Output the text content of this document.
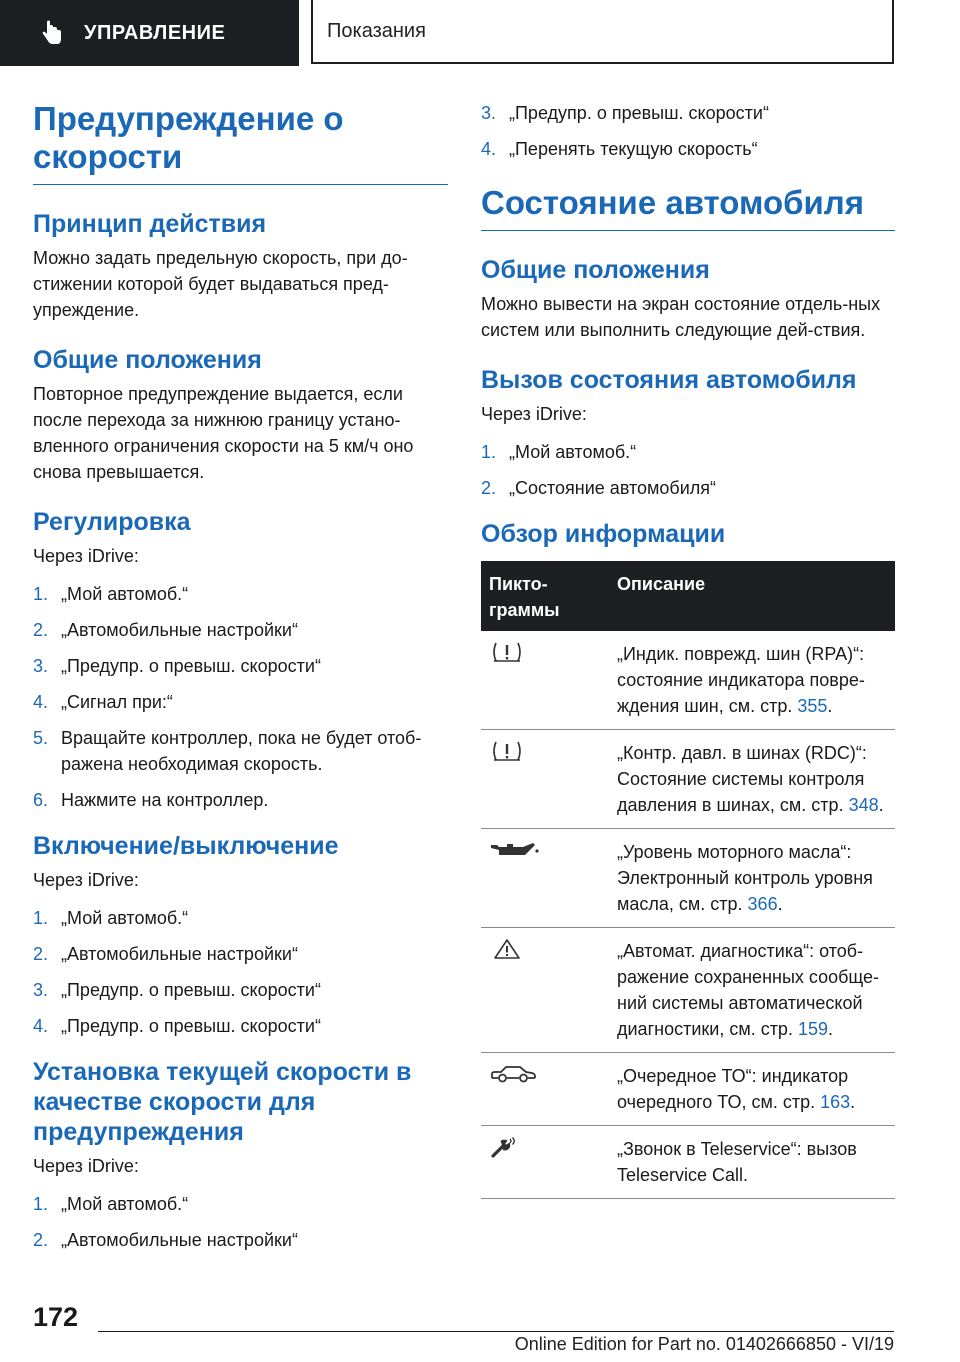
УПРАВЛЕНИЕ	Показания
Предупреждение о скорости
Принцип действия

Можно задать предельную скорость, при до-стижении которой будет выдаваться пред-упреждение.

Общие положения

Повторное предупреждение выдается, если после перехода за нижнюю границу устано-вленного ограничения скорости на 5 км/ч оно снова превышается.

Регулировка

Через iDrive:

1. „Мой автомоб.“
2. „Автомобильные настройки“
3. „Предупр. о превыш. скорости“
4. „Сигнал при:“
5. Вращайте контроллер, пока не будет отоб-ражена необходимая скорость.
6. Нажмите на контроллер.
Включение/выключение

Через iDrive:

1. „Мой автомоб.“
2. „Автомобильные настройки“
3. „Предупр. о превыш. скорости“
4. „Предупр. о превыш. скорости“
Установка текущей скорости в качестве скорости для предупреждения

Через iDrive:

1. „Мой автомоб.“
2. „Автомобильные настройки“
3. „Предупр. о превыш. скорости“
4. „Перенять текущую скорость“
Состояние автомобиля
Общие положения

Можно вывести на экран состояние отдель-ных систем или выполнить следующие дей-ствия.

Вызов состояния автомобиля

Через iDrive:

1. „Мой автомоб.“
2. „Состояние автомобиля“
Обзор информации
Пикто-граммы	Описание

	„Индик. поврежд. шин (RPA)“: состояние индикатора повре-ждения шин, см. стр. 355.

	„Контр. давл. в шинах (RDC)“: Состояние системы контроля давления в шинах, см. стр. 348.

	„Уровень моторного масла“: Электронный контроль уровня масла, см. стр. 366.

	„Автомат. диагностика“: отоб-ражение сохраненных сообще-ний системы автоматической диагностики, см. стр. 159.

	„Очередное ТО“: индикатор очередного ТО, см. стр. 163.

	„Звонок в Teleservice“: вызов Teleservice Call.
172
Online Edition for Part no. 01402666850 - VI/19
